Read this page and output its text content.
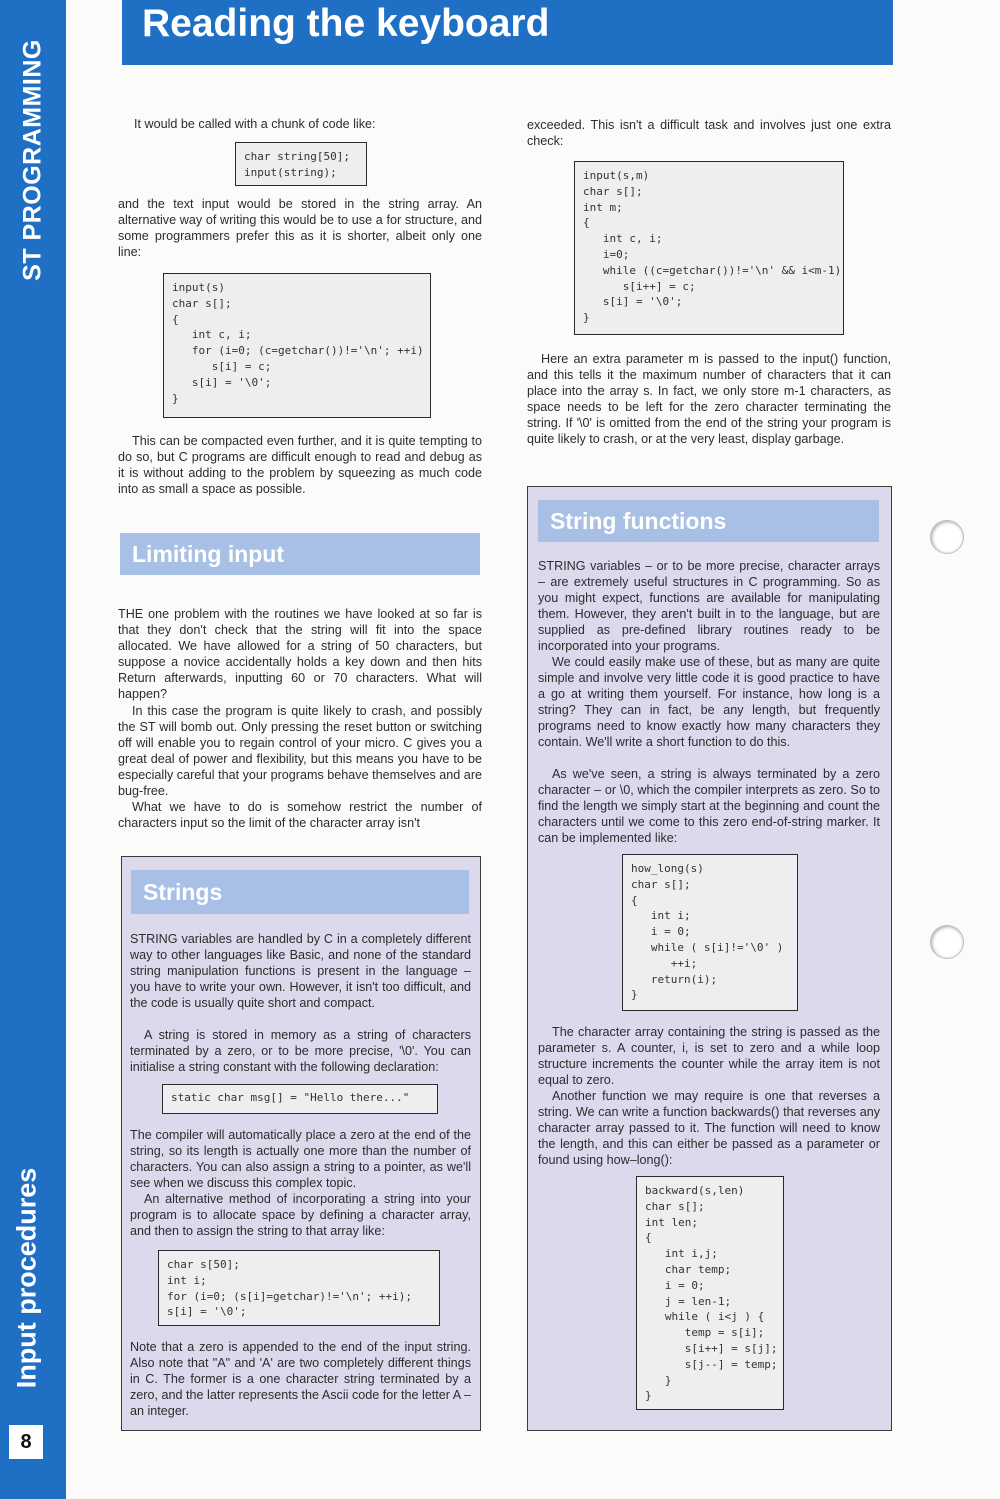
ST PROGRAMMING
Input procedures
8
Reading the keyboard

It would be called with a chunk of code like:

char string[50];
input(string);

and the text input would be stored in the string array. An alternative way of writing this would be to use a for structure, and some programmers prefer this as it is shorter, albeit only one line:

input(s)
char s[];
{
int c, i;
for (i=0; (c=getchar())!='\n'; ++i)
s[i] = c;
s[i] = '\0';
}

This can be compacted even further, and it is quite tempting to do so, but C programs are difficult enough to read and debug as it is without adding to the problem by squeezing as much code into as small a space as possible.

Limiting input

THE one problem with the routines we have looked at so far is that they don't check that the string will fit into the space allocated. We have allowed for a string of 50 characters, but suppose a novice accidentally holds a key down and then hits Return afterwards, inputting 60 or 70 characters. What will happen?

In this case the program is quite likely to crash, and possibly the ST will bomb out. Only pressing the reset button or switching off will enable you to regain control of your micro. C gives you a great deal of power and flexibility, but this means you have to be especially careful that your programs behave themselves and are bug-free.

What we have to do is somehow restrict the number of characters input so the limit of the character array isn't

Strings

STRING variables are handled by C in a completely different way to other languages like Basic, and none of the standard string manipulation functions is present in the language – you have to write your own. However, it isn't too difficult, and the code is usually quite short and compact.

A string is stored in memory as a string of characters terminated by a zero, or to be more precise, '\0'. You can initialise a string constant with the following declaration:

static char msg[] = "Hello there..."

The compiler will automatically place a zero at the end of the string, so its length is actually one more than the number of characters. You can also assign a string to a pointer, as we'll see when we discuss this complex topic.

An alternative method of incorporating a string into your program is to allocate space by defining a character array, and then to assign the string to that array like:

char s[50];
int i;
for (i=0; (s[i]=getchar)!='\n'; ++i);
s[i] = '\0';

Note that a zero is appended to the end of the input string. Also note that "A" and 'A' are two completely different things in C. The former is a one character string terminated by a zero, and the latter represents the Ascii code for the letter A – an integer.

exceeded. This isn't a difficult task and involves just one extra check:

input(s,m)
char s[];
int m;
{
int c, i;
i=0;
while ((c=getchar())!='\n' && i<m-1)
s[i++] = c;
s[i] = '\0';
}

Here an extra parameter m is passed to the input() function, and this tells it the maximum number of characters that it can place into the array s. In fact, we only store m-1 characters, as space needs to be left for the zero character terminating the string. If '\0' is omitted from the end of the string your program is quite likely to crash, or at the very least, display garbage.

String functions

STRING variables – or to be more precise, character arrays – are extremely useful structures in C programming. So as you might expect, functions are available for manipulating them. However, they aren't built in to the language, but are supplied as pre-defined library routines ready to be incorporated into your programs.

We could easily make use of these, but as many are quite simple and involve very little code it is good practice to have a go at writing them yourself. For instance, how long is a string? They can in fact, be any length, but frequently programs need to know exactly how many characters they contain. We'll write a short function to do this.

As we've seen, a string is always terminated by a zero character – or \0, which the compiler interprets as zero. So to find the length we simply start at the beginning and count the characters until we come to this zero end-of-string marker. It can be implemented like:

how_long(s)
char s[];
{
int i;
i = 0;
while ( s[i]!='\0' )
++i;
return(i);
}

The character array containing the string is passed as the parameter s. A counter, i, is set to zero and a while loop structure increments the counter while the array item is not equal to zero.

Another function we may require is one that reverses a string. We can write a function backwards() that reverses any character array passed to it. The function will need to know the length, and this can either be passed as a parameter or found using how–long():

backward(s,len)
char s[];
int len;
{
int i,j;
char temp;
i = 0;
j = len-1;
while ( i<j ) {
temp = s[i];
s[i++] = s[j];
s[j--] = temp;
}
}
